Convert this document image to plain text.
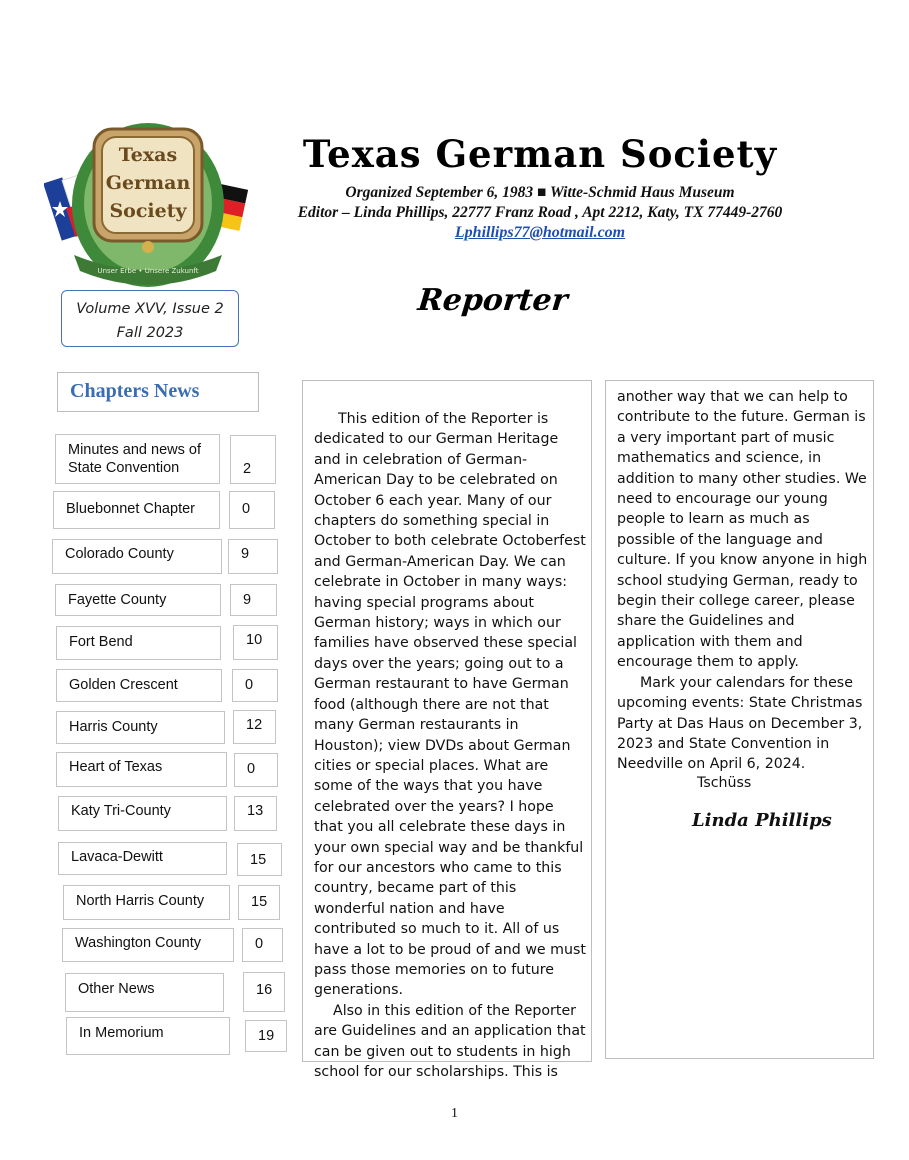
Texas
German
Society
Unser Erbe • Unsere Zukunft
Texas German Society
Organized September 6, 1983 ■ Witte-Schmid Haus Museum
Editor – Linda Phillips, 22777 Franz Road , Apt 2212, Katy, TX 77449-2760
Lphillips77@hotmail.com
Volume XVV, Issue 2
Fall 2023
Reporter
Chapters News
Minutes and news of State Convention	2
Bluebonnet Chapter	0
Colorado County	9
Fayette County	9
Fort Bend	10
Golden Crescent	0
Harris County	12
Heart of Texas	0
Katy Tri-County	13
Lavaca-Dewitt	15
North Harris County	15
Washington County	0
Other News	16
In Memorium	19

This edition of the Reporter is dedicated to our German Heritage and in celebration of German-American Day to be celebrated on October 6 each year. Many of our chapters do something special in October to both celebrate Octoberfest and German-American Day. We can celebrate in October in many ways: having special programs about German history; ways in which our families have observed these special days over the years; going out to a German restaurant to have German food (although there are not that many German restaurants in Houston); view DVDs about German cities or special places. What are some of the ways that you have celebrated over the years? I hope that you all celebrate these days in your own special way and be thankful for our ancestors who came to this country, became part of this wonderful nation and have contributed so much to it. All of us have a lot to be proud of and we must pass those memories on to future generations.

Also in this edition of the Reporter are Guidelines and an application that can be given out to students in high school for our scholarships. This is

another way that we can help to contribute to the future. German is a very important part of music mathematics and science, in addition to many other studies. We need to encourage our young people to learn as much as possible of the language and culture. If you know anyone in high school studying German, ready to begin their college career, please share the Guidelines and application with them and encourage them to apply.

Mark your calendars for these upcoming events: State Christmas Party at Das Haus on December 3, 2023 and State Convention in Needville on April 6, 2024.

Tschüss
Linda Phillips
1
